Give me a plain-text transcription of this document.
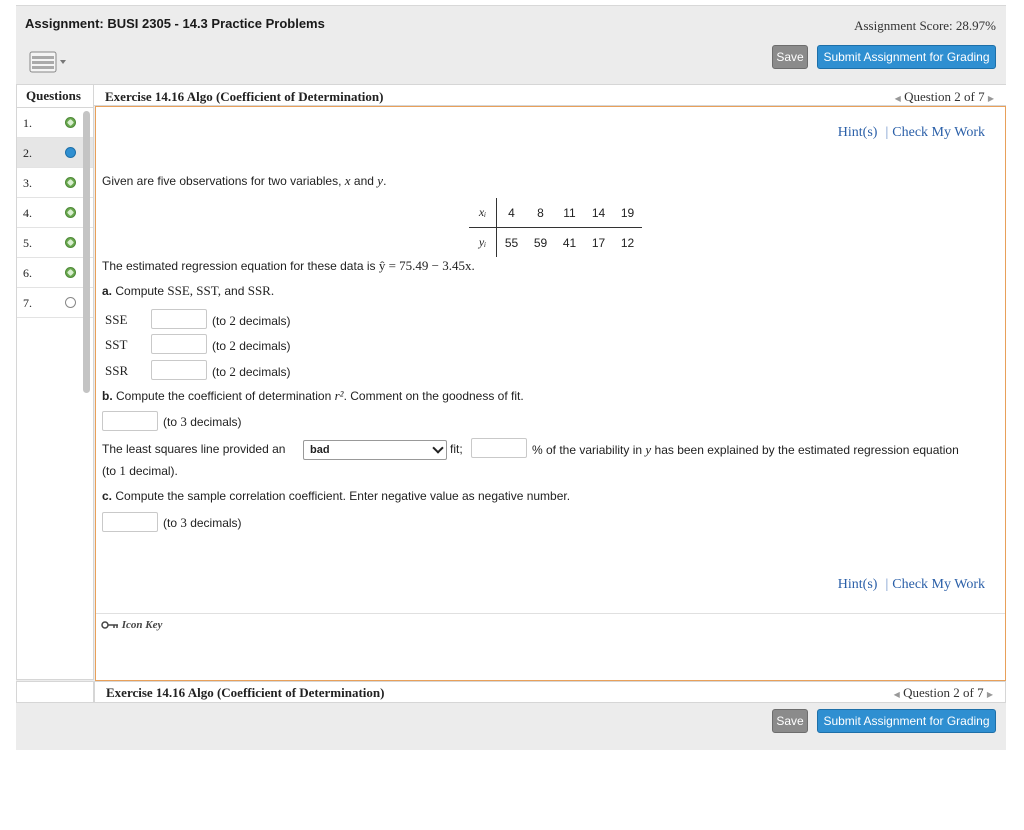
Assignment: BUSI 2305 - 14.3 Practice Problems	Assignment Score: 28.97%
Save	Submit Assignment for Grading
Questions
1.
2.
3.
4.
5.
6.
7.
Exercise 14.16 Algo (Coefficient of Determination)	◀ Question 2 of 7 ▶
Hint(s) | Check My Work
Given are five observations for two variables, x and y.
xᵢ	4	8	11	14	19
yᵢ	55	59	41	17	12
The estimated regression equation for these data is ŷ = 75.49 − 3.45x.
a. Compute SSE, SST, and SSR.
SSE	(to 2 decimals)
SST	(to 2 decimals)
SSR	(to 2 decimals)
b. Compute the coefficient of determination r². Comment on the goodness of fit.
(to 3 decimals)
The least squares line provided an	bad	fit;	% of the variability in y has been explained by the estimated regression equation
(to 1 decimal).
c. Compute the sample correlation coefficient. Enter negative value as negative number.
(to 3 decimals)
Hint(s) | Check My Work
Icon Key
Exercise 14.16 Algo (Coefficient of Determination)	◀ Question 2 of 7 ▶
Save	Submit Assignment for Grading
